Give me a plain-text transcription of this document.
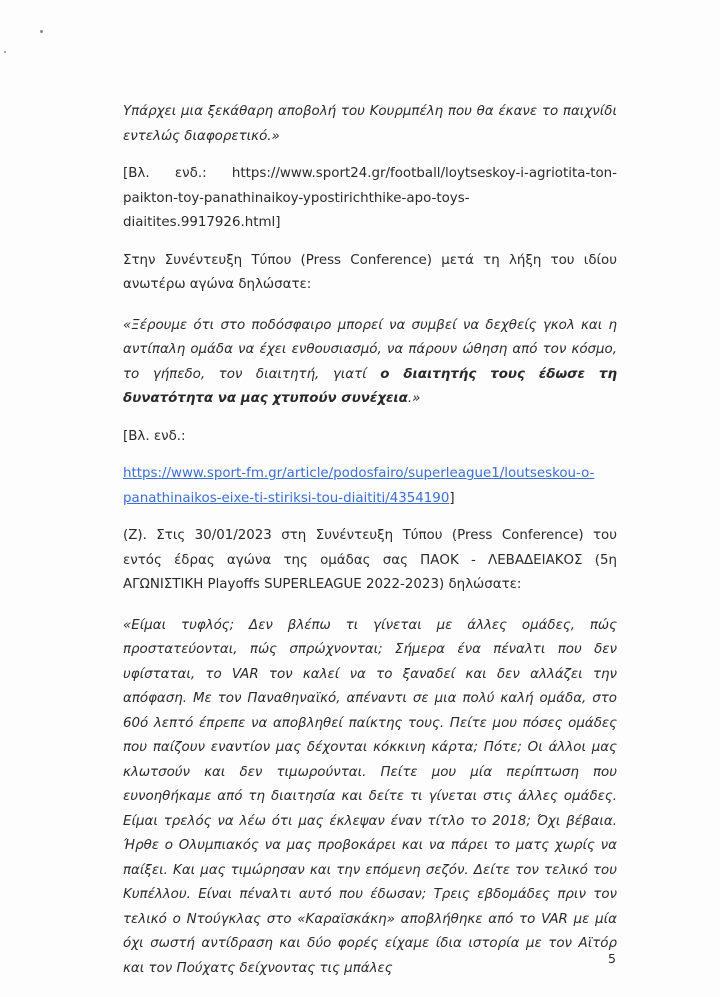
Υπάρχει μια ξεκάθαρη αποβολή του Κουρμπέλη που θα έκανε το παιχνίδι εντελώς διαφορετικό.»

[Βλ. ενδ.: https://www.sport24.gr/football/loytseskoy-i-agriotita-ton-paikton-toy-panathinaikoy-ypostirichthike-apo-toys-diaitites.9917926.html]

Στην Συνέντευξη Τύπου (Press Conference) μετά τη λήξη του ιδίου ανωτέρω αγώνα δηλώσατε:

«Ξέρουμε ότι στο ποδόσφαιρο μπορεί να συμβεί να δεχθείς γκολ και η αντίπαλη ομάδα να έχει ενθουσιασμό, να πάρουν ώθηση από τον κόσμο, το γήπεδο, τον διαιτητή, γιατί ο διαιτητής τους έδωσε τη δυνατότητα να μας χτυπούν συνέχεια.»

[Βλ. ενδ.:

https://www.sport-fm.gr/article/podosfairo/superleague1/loutseskou-o-panathinaikos-eixe-ti-stiriksi-tou-diaititi/4354190]

(Ζ). Στις 30/01/2023 στη Συνέντευξη Τύπου (Press Conference) του εντός έδρας αγώνα της ομάδας σας ΠΑΟΚ - ΛΕΒΑΔΕΙΑΚΟΣ (5η ΑΓΩΝΙΣΤΙΚΗ Playoffs SUPERLEAGUE 2022-2023) δηλώσατε:

«Είμαι τυφλός; Δεν βλέπω τι γίνεται με άλλες ομάδες, πώς προστατεύονται, πώς σπρώχνονται; Σήμερα ένα πέναλτι που δεν υφίσταται, το VAR τον καλεί να το ξαναδεί και δεν αλλάζει την απόφαση. Με τον Παναθηναϊκό, απέναντι σε μια πολύ καλή ομάδα, στο 60ό λεπτό έπρεπε να αποβληθεί παίκτης τους. Πείτε μου πόσες ομάδες που παίζουν εναντίον μας δέχονται κόκκινη κάρτα; Πότε; Οι άλλοι μας κλωτσούν και δεν τιμωρούνται. Πείτε μου μία περίπτωση που ευνοηθήκαμε από τη διαιτησία και δείτε τι γίνεται στις άλλες ομάδες. Είμαι τρελός να λέω ότι μας έκλεψαν έναν τίτλο το 2018; Όχι βέβαια. Ήρθε ο Ολυμπιακός να μας προβοκάρει και να πάρει το ματς χωρίς να παίξει. Και μας τιμώρησαν και την επόμενη σεζόν. Δείτε τον τελικό του Κυπέλλου. Είναι πέναλτι αυτό που έδωσαν; Τρεις εβδομάδες πριν τον τελικό ο Ντούγκλας στο «Καραϊσκάκη» αποβλήθηκε από το VAR με μία όχι σωστή αντίδραση και δύο φορές είχαμε ίδια ιστορία με τον Αϊτόρ και τον Πούχατς δείχνοντας τις μπάλες

5
